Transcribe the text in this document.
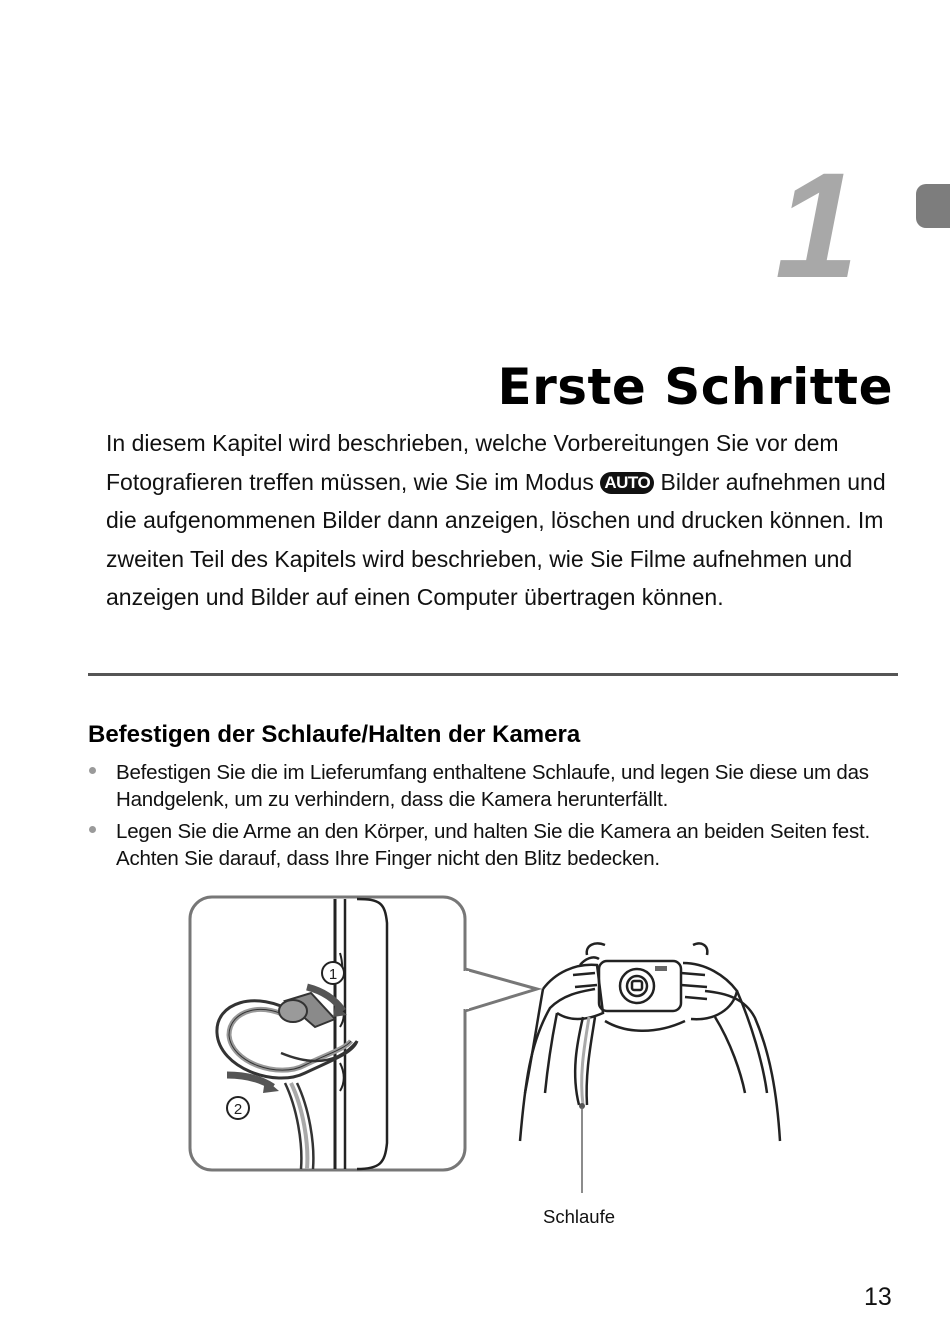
1
Erste Schritte

In diesem Kapitel wird beschrieben, welche Vorbereitungen Sie vor dem Fotografieren treffen müssen, wie Sie im Modus AUTO Bilder aufnehmen und die aufgenommenen Bilder dann anzeigen, löschen und drucken können. Im zweiten Teil des Kapitels wird beschrieben, wie Sie Filme aufnehmen und anzeigen und Bilder auf einen Computer übertragen können.

Befestigen der Schlaufe/Halten der Kamera
Befestigen Sie die im Lieferumfang enthaltene Schlaufe, und legen Sie diese um das Handgelenk, um zu verhindern, dass die Kamera herunterfällt.
Legen Sie die Arme an den Körper, und halten Sie die Kamera an beiden Seiten fest. Achten Sie darauf, dass Ihre Finger nicht den Blitz bedecken.
1
2
Schlaufe
13
